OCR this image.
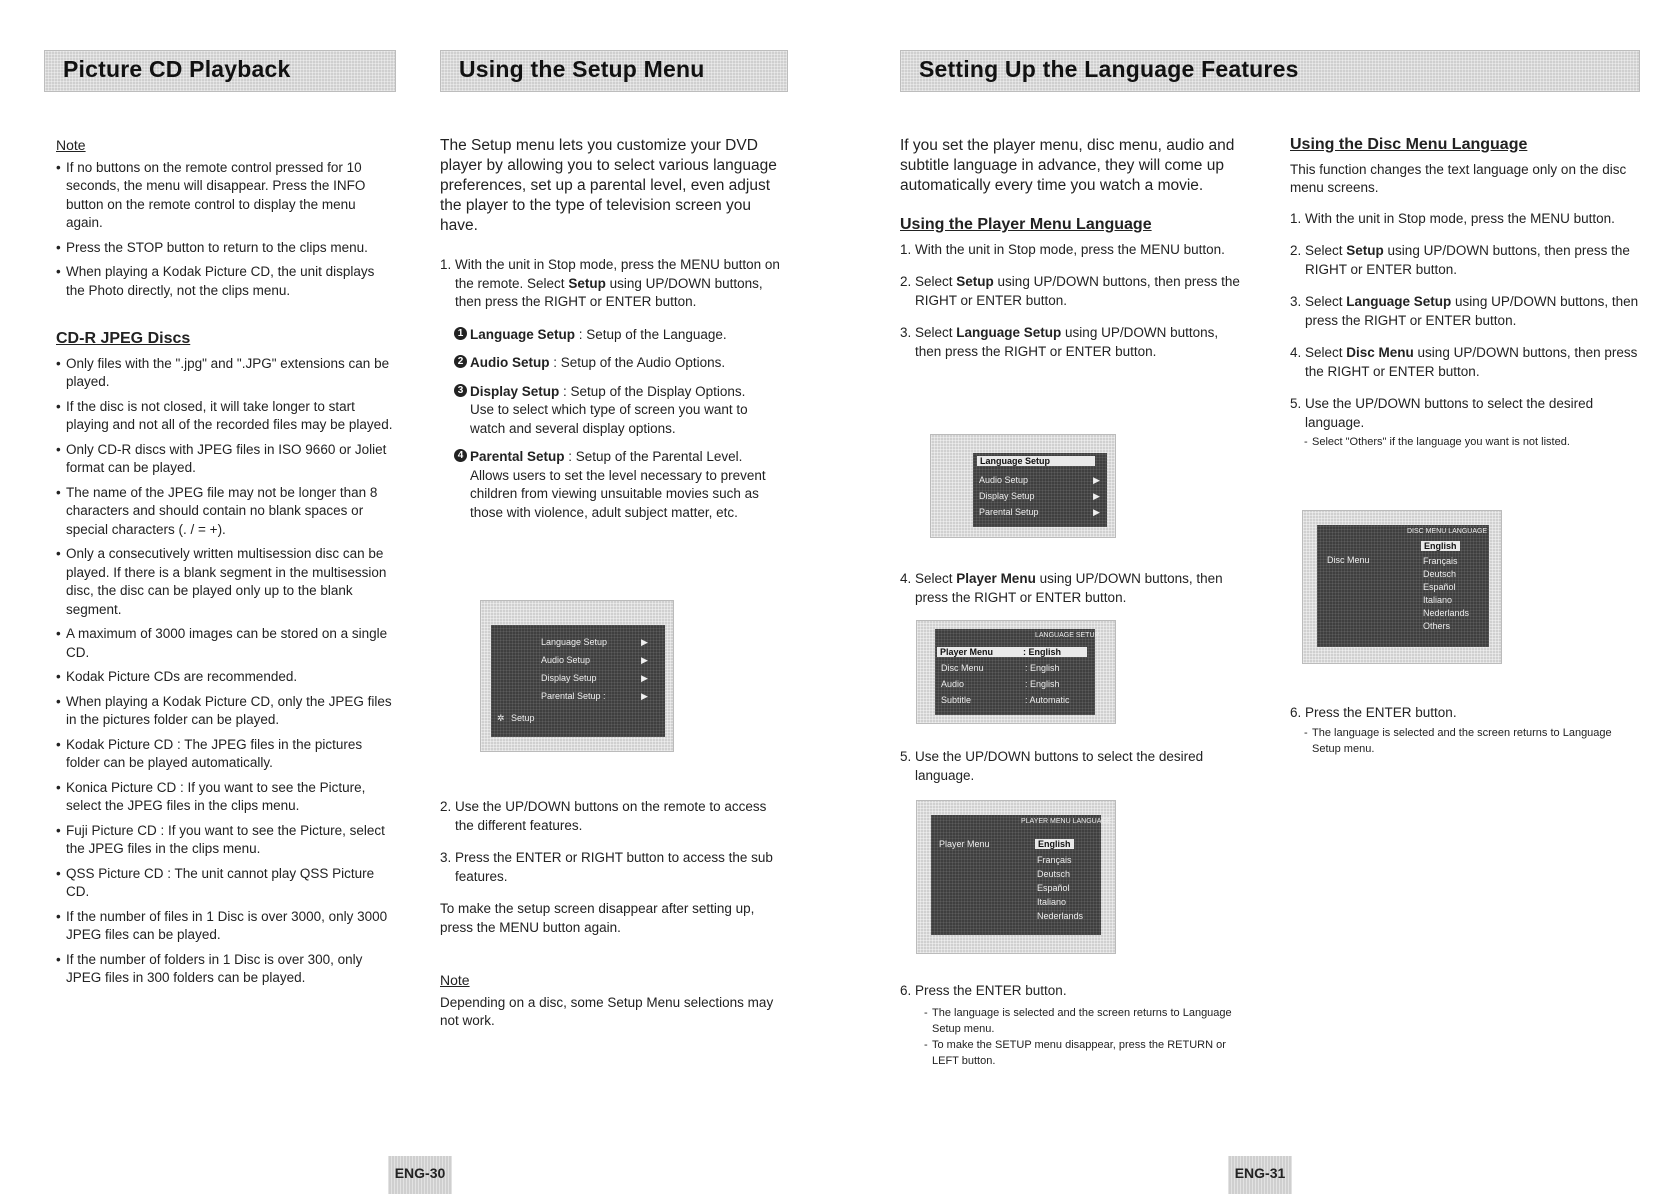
Picture CD Playback	Using the Setup Menu	Setting Up the Language Features
Note
• If no buttons on the remote control pressed for 10 seconds, the menu will disappear. Press the INFO button on the remote control to display the menu again.
• Press the STOP button to return to the clips menu.
• When playing a Kodak Picture CD, the unit displays the Photo directly, not the clips menu.
CD-R JPEG Discs
• Only files with the ".jpg" and ".JPG" extensions can be played.
• If the disc is not closed, it will take longer to start playing and not all of the recorded files may be played.
• Only CD-R discs with JPEG files in ISO 9660 or Joliet format can be played.
• The name of the JPEG file may not be longer than 8 characters and should contain no blank spaces or special characters (. / = +).
• Only a consecutively written multisession disc can be played. If there is a blank segment in the multisession disc, the disc can be played only up to the blank segment.
• A maximum of 3000 images can be stored on a single CD.
• Kodak Picture CDs are recommended.
• When playing a Kodak Picture CD, only the JPEG files in the pictures folder can be played.
• Kodak Picture CD : The JPEG files in the pictures folder can be played automatically.
• Konica Picture CD : If you want to see the Picture, select the JPEG files in the clips menu.
• Fuji Picture CD : If you want to see the Picture, select the JPEG files in the clips menu.
• QSS Picture CD : The unit cannot play QSS Picture CD.
• If the number of files in 1 Disc is over 3000, only 3000 JPEG files can be played.
• If the number of folders in 1 Disc is over 300, only JPEG files in 300 folders can be played.

The Setup menu lets you customize your DVD player by allowing you to select various language preferences, set up a parental level, even adjust the player to the type of television screen you have.

1. With the unit in Stop mode, press the MENU button on the remote. Select Setup using UP/DOWN buttons, then press the RIGHT or ENTER button.
1 Language Setup : Setup of the Language.
2 Audio Setup : Setup of the Audio Options.
3 Display Setup : Setup of the Display Options.
Use to select which type of screen you want to watch and several display options.
4 Parental Setup : Setup of the Parental Level.
Allows users to set the level necessary to prevent children from viewing unsuitable movies such as those with violence, adult subject matter, etc.
Language Setup
Audio Setup
Display Setup
Parental Setup :
▶
▶
▶
▶
✲ Setup
2. Use the UP/DOWN buttons on the remote to access the different features.
3. Press the ENTER or RIGHT button to access the sub features.

To make the setup screen disappear after setting up, press the MENU button again.

Note

Depending on a disc, some Setup Menu selections may not work.

If you set the player menu, disc menu, audio and subtitle language in advance, they will come up automatically every time you watch a movie.

Using the Player Menu Language
1. With the unit in Stop mode, press the MENU button.
2. Select Setup using UP/DOWN buttons, then press the RIGHT or ENTER button.
3. Select Language Setup using UP/DOWN buttons, then press the RIGHT or ENTER button.
Language Setup
Audio Setup
Display Setup
Parental Setup
▶
▶
▶
4. Select Player Menu using UP/DOWN buttons, then press the RIGHT or ENTER button.
LANGUAGE SETUP
Player Menu	: English
Disc Menu	: English
Audio	: English
Subtitle	: Automatic
5. Use the UP/DOWN buttons to select the desired language.
PLAYER MENU LANGUAGE
Player Menu	English
Français
Deutsch
Español
Italiano
Nederlands
6. Press the ENTER button.
- The language is selected and the screen returns to Language Setup menu.
- To make the SETUP menu disappear, press the RETURN or LEFT button.
Using the Disc Menu Language

This function changes the text language only on the disc menu screens.

1. With the unit in Stop mode, press the MENU button.
2. Select Setup using UP/DOWN buttons, then press the RIGHT or ENTER button.
3. Select Language Setup using UP/DOWN buttons, then press the RIGHT or ENTER button.
4. Select Disc Menu using UP/DOWN buttons, then press the RIGHT or ENTER button.
5. Use the UP/DOWN buttons to select the desired language.
- Select "Others" if the language you want is not listed.
DISC MENU LANGUAGE
Disc Menu
English
Français
Deutsch
Español
Italiano
Nederlands
Others
6. Press the ENTER button.
- The language is selected and the screen returns to Language Setup menu.
ENG-30	ENG-31
